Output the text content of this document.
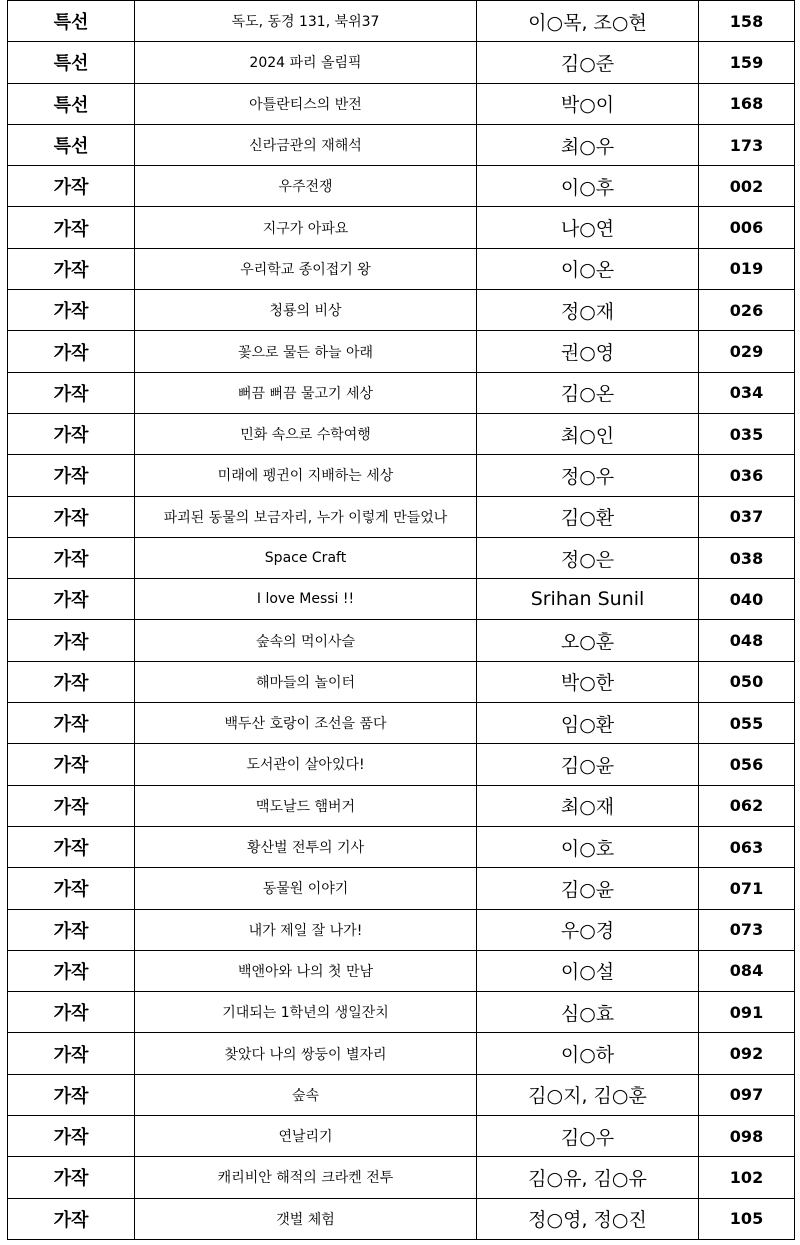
특선	독도, 동경 131, 북위37	이○목, 조○현	158
특선	2024 파리 올림픽	김○준	159
특선	아틀란티스의 반전	박○이	168
특선	신라금관의 재해석	최○우	173
가작	우주전쟁	이○후	002
가작	지구가 아파요	나○연	006
가작	우리학교 종이접기 왕	이○온	019
가작	청룡의 비상	정○재	026
가작	꽃으로 물든 하늘 아래	권○영	029
가작	뻐끔 뻐끔 물고기 세상	김○온	034
가작	민화 속으로 수학여행	최○인	035
가작	미래에 펭귄이 지배하는 세상	정○우	036
가작	파괴된 동물의 보금자리, 누가 이렇게 만들었나	김○환	037
가작	Space Craft	정○은	038
가작	I love Messi !!	Srihan Sunil	040
가작	숲속의 먹이사슬	오○훈	048
가작	해마들의 놀이터	박○한	050
가작	백두산 호랑이 조선을 품다	임○환	055
가작	도서관이 살아있다!	김○윤	056
가작	맥도날드 햄버거	최○재	062
가작	황산벌 전투의 기사	이○호	063
가작	동물원 이야기	김○윤	071
가작	내가 제일 잘 나가!	우○경	073
가작	백앤아와 나의 첫 만남	이○설	084
가작	기대되는 1학년의 생일잔치	심○효	091
가작	찾았다 나의 쌍둥이 별자리	이○하	092
가작	숲속	김○지, 김○훈	097
가작	연날리기	김○우	098
가작	캐리비안 해적의 크라켄 전투	김○유, 김○유	102
가작	갯벌 체험	정○영, 정○진	105
